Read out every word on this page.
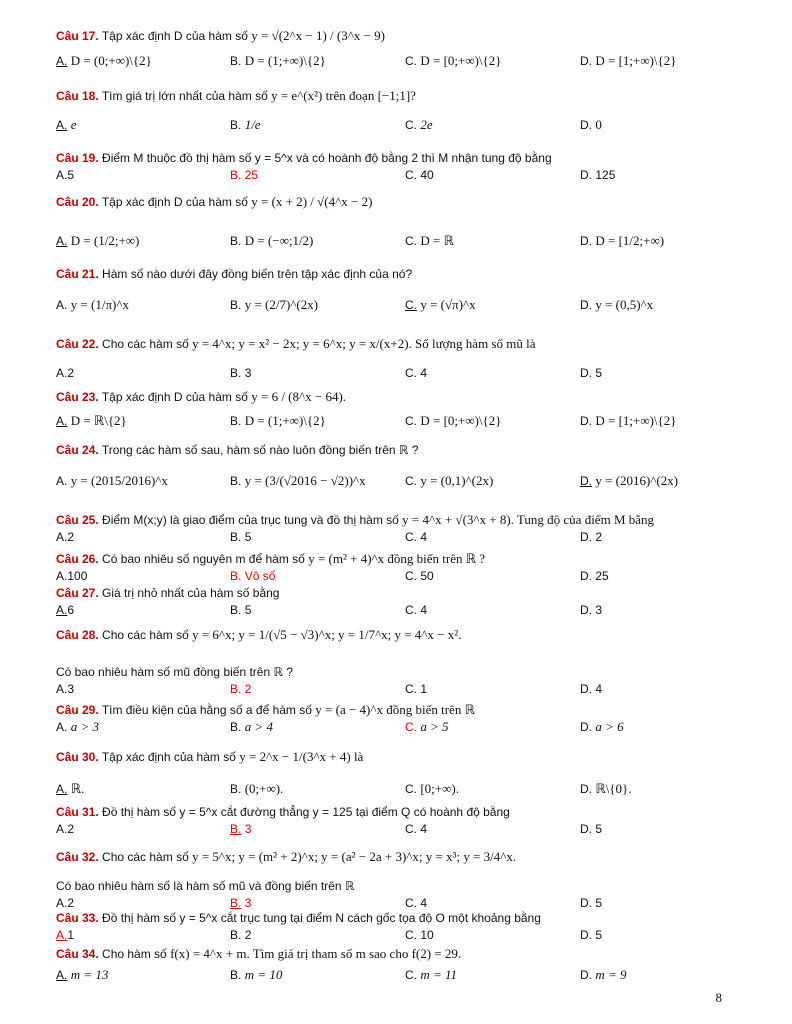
Câu 17. Tập xác định D của hàm số y = √(2^x − 1) / (3^x − 9)
A. D = (0;+∞)\{2}	B. D = (1;+∞)\{2}	C. D = [0;+∞)\{2}	D. D = [1;+∞)\{2}
Câu 18. Tìm giá trị lớn nhất của hàm số y = e^(x²) trên đoạn [−1;1]?
A. e	B. 1/e	C. 2e	D. 0
Câu 19. Điểm M thuộc đồ thị hàm số y = 5^x và có hoành độ bằng 2 thì M nhận tung độ bằng
A.5	B. 25	C. 40	D. 125
Câu 20. Tập xác định D của hàm số y = (x + 2) / √(4^x − 2)
A. D = (1/2;+∞)	B. D = (−∞;1/2)	C. D = ℝ	D. D = [1/2;+∞)
Câu 21. Hàm số nào dưới đây đồng biến trên tập xác định của nó?
A. y = (1/π)^x	B. y = (2/7)^(2x)	C. y = (√π)^x	D. y = (0,5)^x
Câu 22. Cho các hàm số y = 4^x; y = x² − 2x; y = 6^x; y = x/(x+2). Số lượng hàm số mũ là
A.2	B. 3	C. 4	D. 5
Câu 23. Tập xác định D của hàm số y = 6 / (8^x − 64).
A. D = ℝ\{2}	B. D = (1;+∞)\{2}	C. D = [0;+∞)\{2}	D. D = [1;+∞)\{2}
Câu 24. Trong các hàm số sau, hàm số nào luôn đồng biến trên ℝ ?
A. y = (2015/2016)^x	B. y = (3/(√2016 − √2))^x	C. y = (0,1)^(2x)	D. y = (2016)^(2x)
Câu 25. Điểm M(x;y) là giao điểm của trục tung và đồ thị hàm số y = 4^x + √(3^x + 8). Tung độ của điểm M bằng
A.2	B. 5	C. 4	D. 2
Câu 26. Có bao nhiêu số nguyên m để hàm số y = (m² + 4)^x đồng biến trên ℝ ?
A.100	B. Vô số	C. 50	D. 25
Câu 27. Giá trị nhỏ nhất của hàm số bằng
A.6	B. 5	C. 4	D. 3
Câu 28. Cho các hàm số y = 6^x; y = 1/(√5 − √3)^x; y = 1/7^x; y = 4^x − x².
Có bao nhiêu hàm số mũ đồng biến trên ℝ ?
A.3	B. 2	C. 1	D. 4
Câu 29. Tìm điều kiện của hằng số a để hàm số y = (a − 4)^x đồng biến trên ℝ
A. a > 3	B. a > 4	C. a > 5	D. a > 6
Câu 30. Tập xác định của hàm số y = 2^x − 1/(3^x + 4) là
A. ℝ.	B. (0;+∞).	C. [0;+∞).	D. ℝ\{0}.
Câu 31. Đồ thị hàm số y = 5^x cắt đường thẳng y = 125 tại điểm Q có hoành độ bằng
A.2	B. 3	C. 4	D. 5
Câu 32. Cho các hàm số y = 5^x; y = (m² + 2)^x; y = (a² − 2a + 3)^x; y = x³; y = 3/4^x.
Có bao nhiêu hàm số là hàm số mũ và đồng biến trên ℝ
A.2	B. 3	C. 4	D. 5
Câu 33. Đồ thị hàm số y = 5^x cắt trục tung tại điểm N cách gốc tọa độ O một khoảng bằng
A.1	B. 2	C. 10	D. 5
Câu 34. Cho hàm số f(x) = 4^x + m. Tìm giá trị tham số m sao cho f(2) = 29.
A. m = 13	B. m = 10	C. m = 11	D. m = 9
8
